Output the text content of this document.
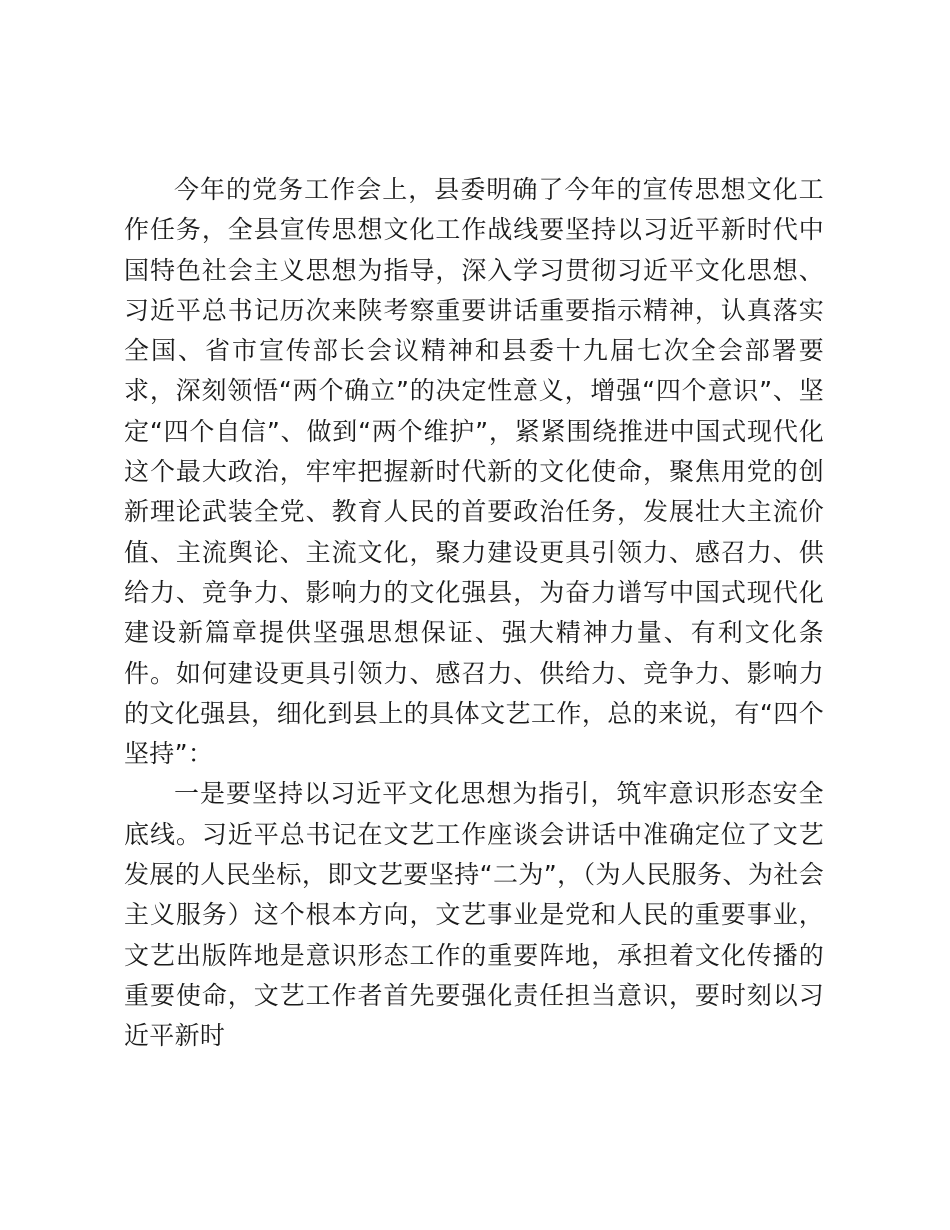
今年的党务工作会上，县委明确了今年的宣传思想文化工作任务，全县宣传思想文化工作战线要坚持以习近平新时代中国特色社会主义思想为指导，深入学习贯彻习近平文化思想、习近平总书记历次来陕考察重要讲话重要指示精神，认真落实全国、省市宣传部长会议精神和县委十九届七次全会部署要求，深刻领悟“两个确立”的决定性意义，增强“四个意识”、坚定“四个自信”、做到“两个维护”，紧紧围绕推进中国式现代化这个最大政治，牢牢把握新时代新的文化使命，聚焦用党的创新理论武装全党、教育人民的首要政治任务，发展壮大主流价值、主流舆论、主流文化，聚力建设更具引领力、感召力、供给力、竞争力、影响力的文化强县，为奋力谱写中国式现代化建设新篇章提供坚强思想保证、强大精神力量、有利文化条件。如何建设更具引领力、感召力、供给力、竞争力、影响力的文化强县，细化到县上的具体文艺工作，总的来说，有“四个坚持”：

一是要坚持以习近平文化思想为指引，筑牢意识形态安全底线。习近平总书记在文艺工作座谈会讲话中准确定位了文艺发展的人民坐标，即文艺要坚持“二为”，（为人民服务、为社会主义服务）这个根本方向，文艺事业是党和人民的重要事业，文艺出版阵地是意识形态工作的重要阵地，承担着文化传播的重要使命，文艺工作者首先要强化责任担当意识，要时刻以习近平新时
